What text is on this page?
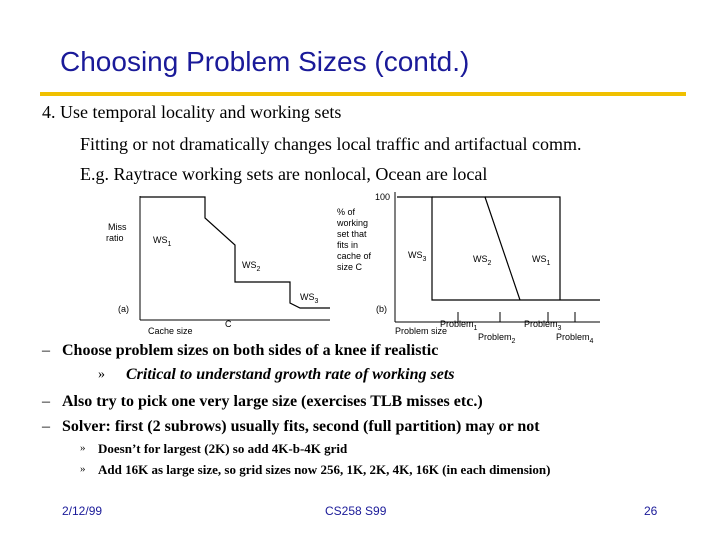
Choosing Problem Sizes (contd.)
4. Use temporal locality and working sets
Fitting or not dramatically changes local traffic and artifactual comm.
E.g. Raytrace working sets are nonlocal, Ocean are local
Miss
ratio	$WS_1$
$WS_2$
$WS_3$
(a)
C
Cache size
100
% of
working
set that
fits in
cache of
size C
$WS_3$	$WS_2$	$WS_1$
(b)
Problem size
Problem$_1$
Problem$_2$
Problem$_3$
Problem$_4$
– Choose problem sizes on both sides of a knee if realistic
» Critical to understand growth rate of working sets
– Also try to pick one very large size (exercises TLB misses etc.)
– Solver: first (2 subrows) usually fits, second (full partition) may or not
» Doesn’t for largest (2K) so add 4K-b-4K grid
» Add 16K as large size, so grid sizes now 256, 1K, 2K, 4K, 16K (in each dimension)
2/12/99	CS258 S99	26
